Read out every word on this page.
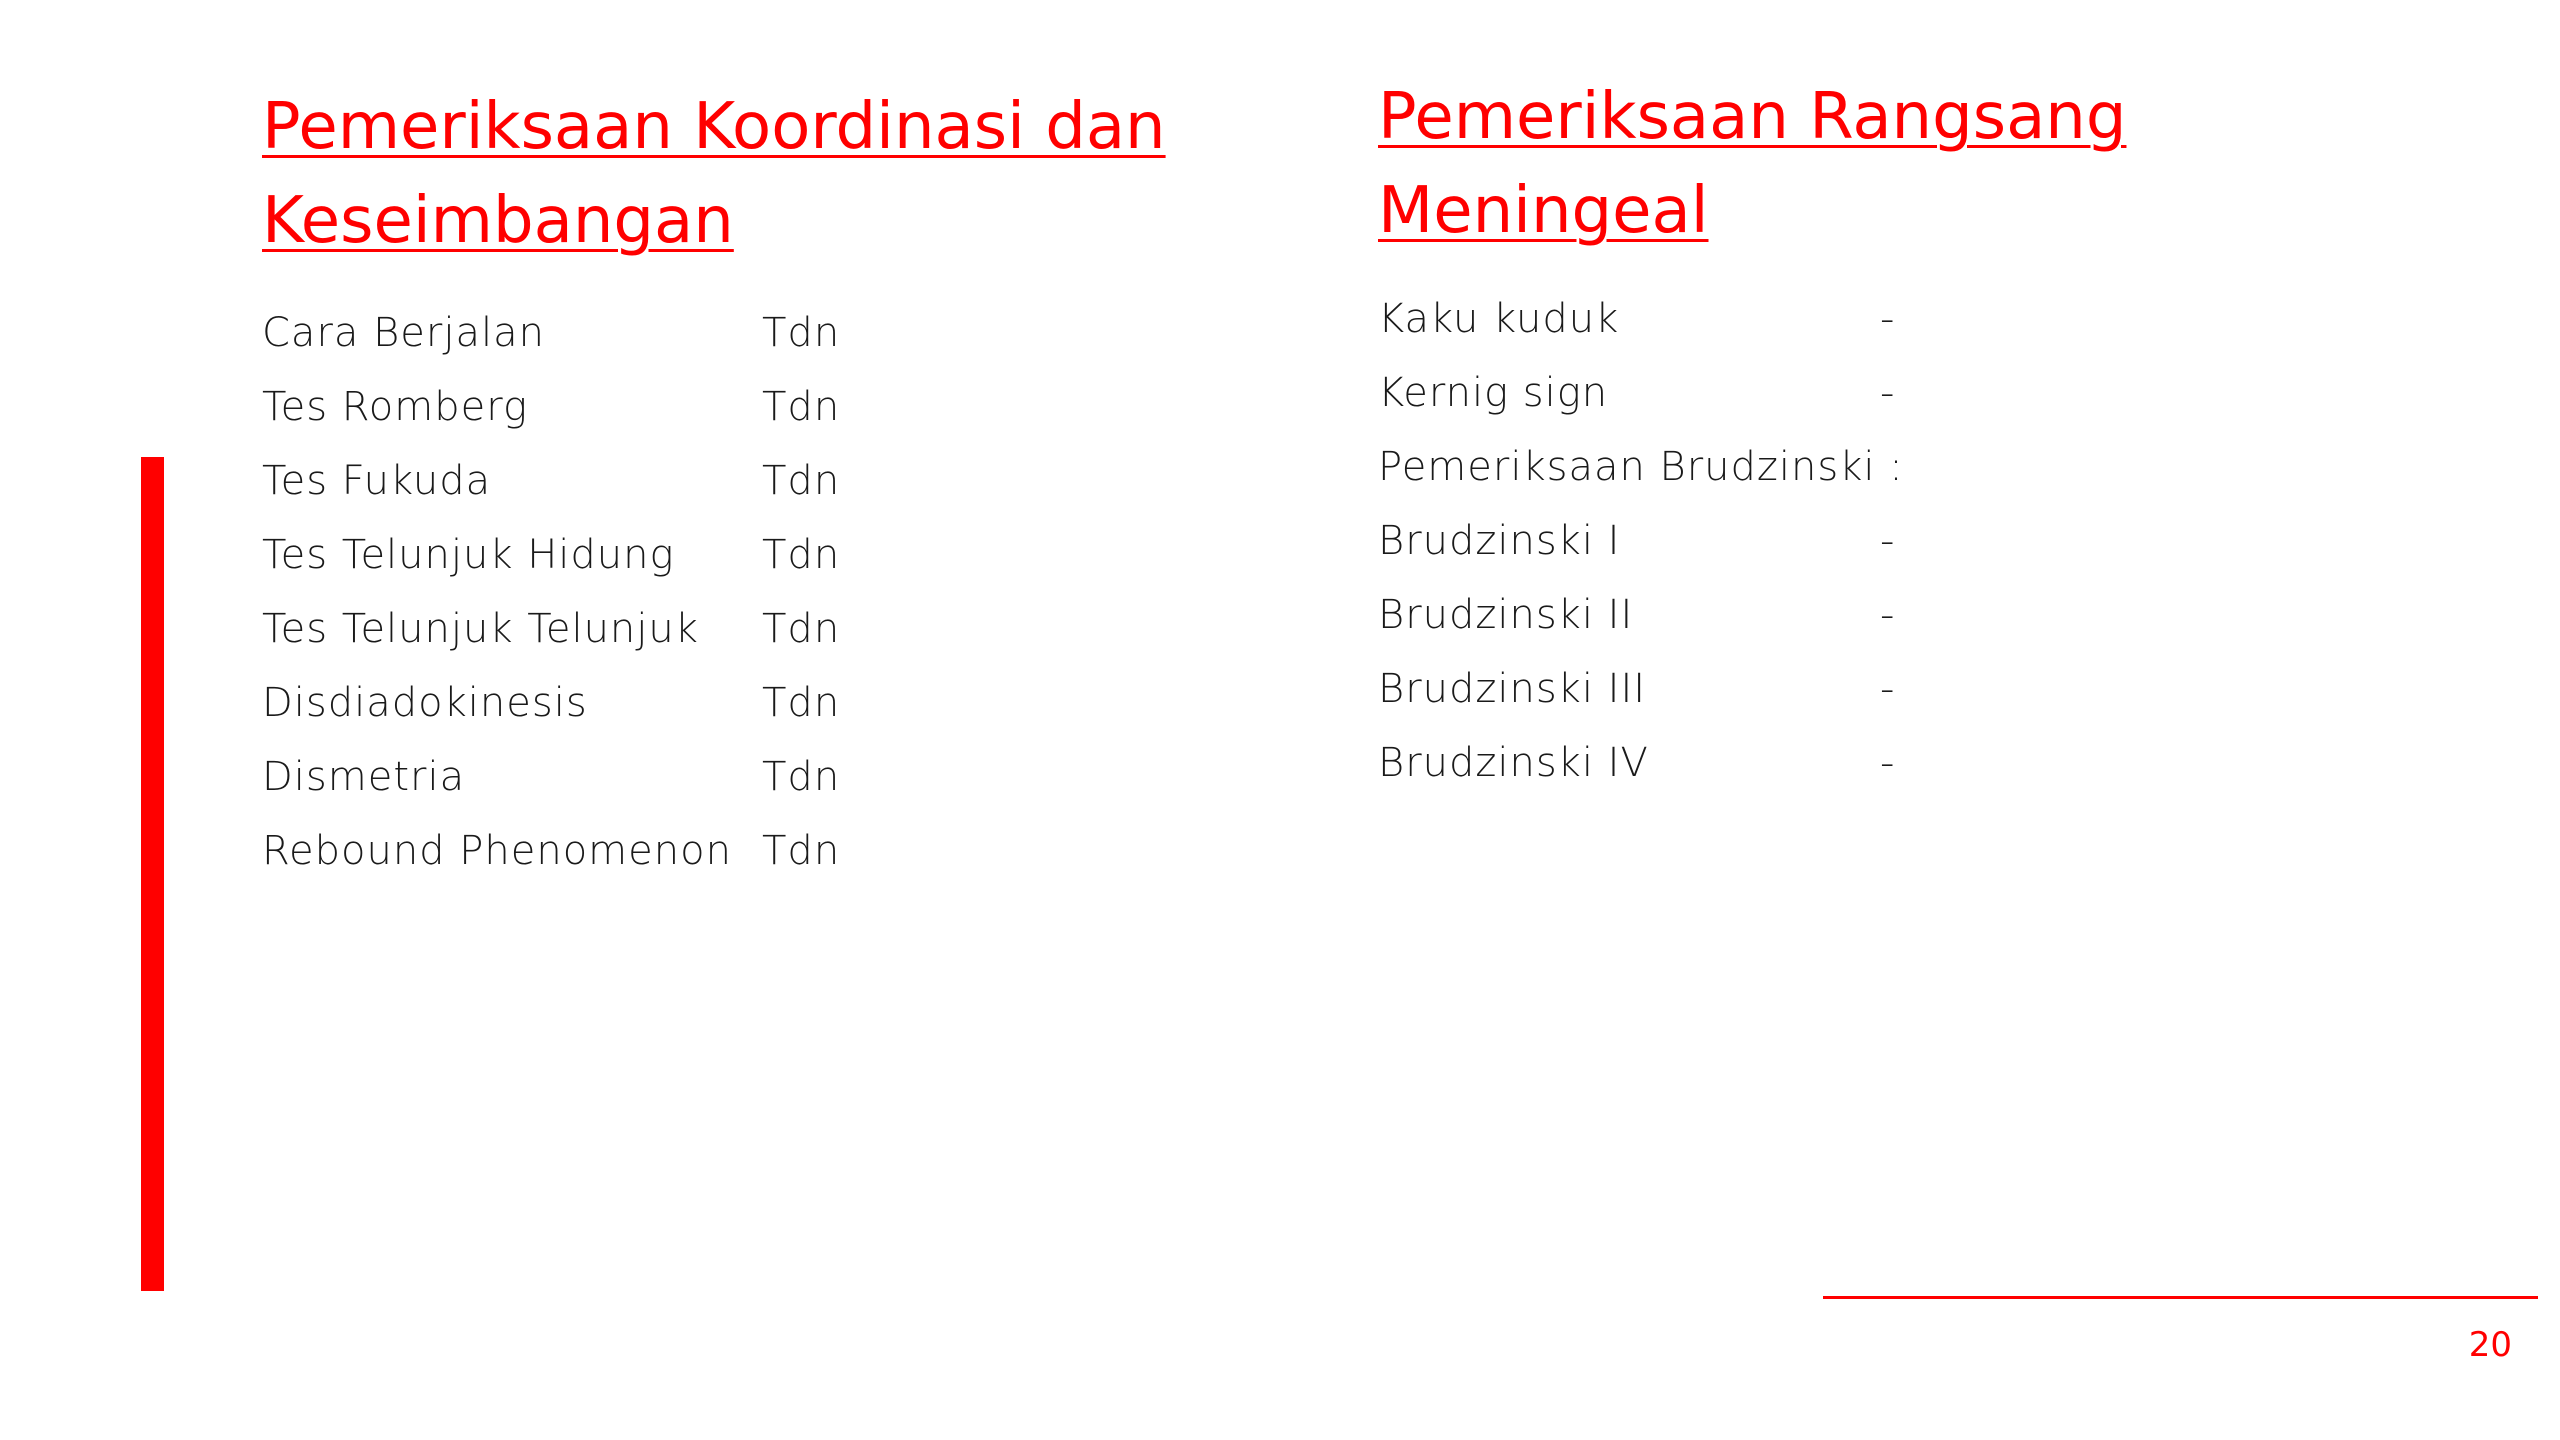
Pemeriksaan Koordinasi dan Keseimbangan
Cara Berjalan	Tdn
Tes Romberg	Tdn
Tes Fukuda	Tdn
Tes Telunjuk Hidung Tdn
Tes Telunjuk Telunjuk Tdn
Disdiadokinesis	Tdn
Dismetria	Tdn
Rebound Phenomenon Tdn
Pemeriksaan Rangsang Meningeal
Kaku kuduk	-
Kernig sign	-
Pemeriksaan Brudzinski :
Brudzinski I	-
Brudzinski II	-
Brudzinski III	-
Brudzinski IV	-
20
